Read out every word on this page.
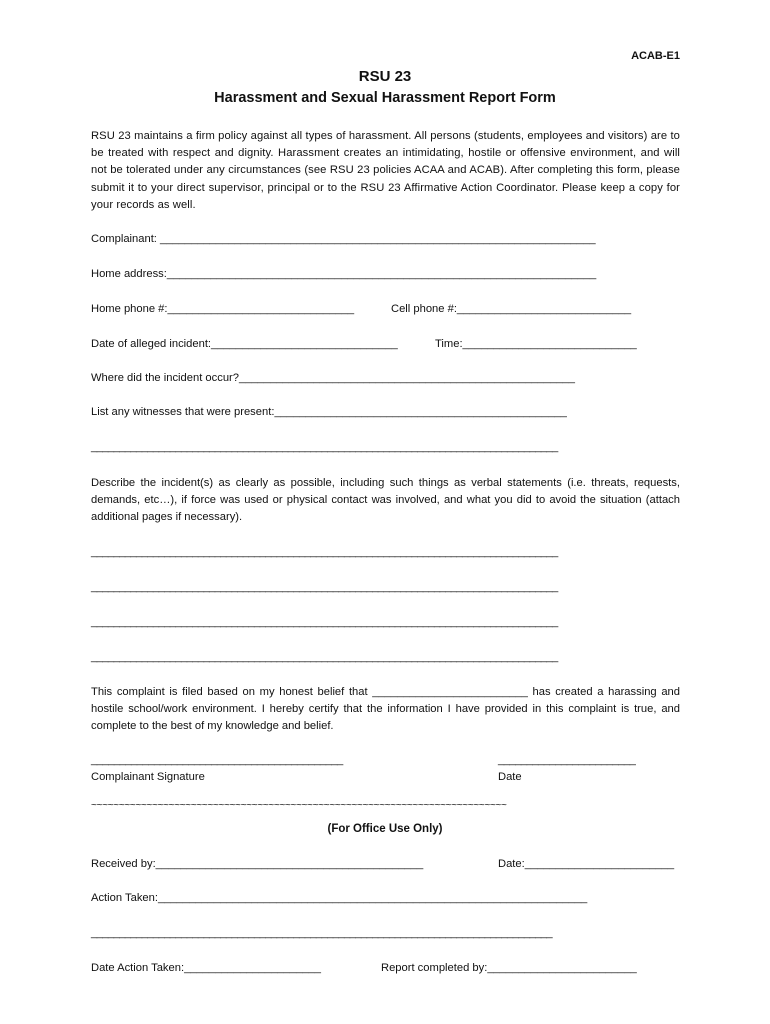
ACAB-E1
RSU 23
Harassment and Sexual Harassment Report Form

RSU 23 maintains a firm policy against all types of harassment. All persons (students, employees and visitors) are to be treated with respect and dignity. Harassment creates an intimidating, hostile or offensive environment, and will not be tolerated under any circumstances (see RSU 23 policies ACAA and ACAB). After completing this form, please submit it to your direct supervisor, principal or to the RSU 23 Affirmative Action Coordinator. Please keep a copy for your records as well.

Complainant: ______________________________________________________________________
Home address:_____________________________________________________________________
Home phone #:______________________________	Cell phone #:____________________________
Date of alleged incident:______________________________	Time:____________________________
Where did the incident occur?______________________________________________________
List any witnesses that were present:_______________________________________________
___________________________________________________________________________________

Describe the incident(s) as clearly as possible, including such things as verbal statements (i.e. threats, requests, demands, etc…), if force was used or physical contact was involved, and what you did to avoid the situation (attach additional pages if necessary).

___________________________________________________________________________________
___________________________________________________________________________________
___________________________________________________________________________________
___________________________________________________________________________________

This complaint is filed based on my honest belief that _________________________ has created a harassing and hostile school/work environment. I hereby certify that the information I have provided in this complaint is true, and complete to the best of my knowledge and belief.

____________________________________________
Complainant Signature
________________________
Date
~~~~~~~~~~~~~~~~~~~~~~~~~~~~~~~~~~~~~~~~~~~~~~~~~~~~~~~~~~~~~~~~~~~~~~~~~~~
(For Office Use Only)
Received by:___________________________________________	Date:________________________
Action Taken:_____________________________________________________________________
__________________________________________________________________________________
Date Action Taken:______________________	Report completed by:________________________
